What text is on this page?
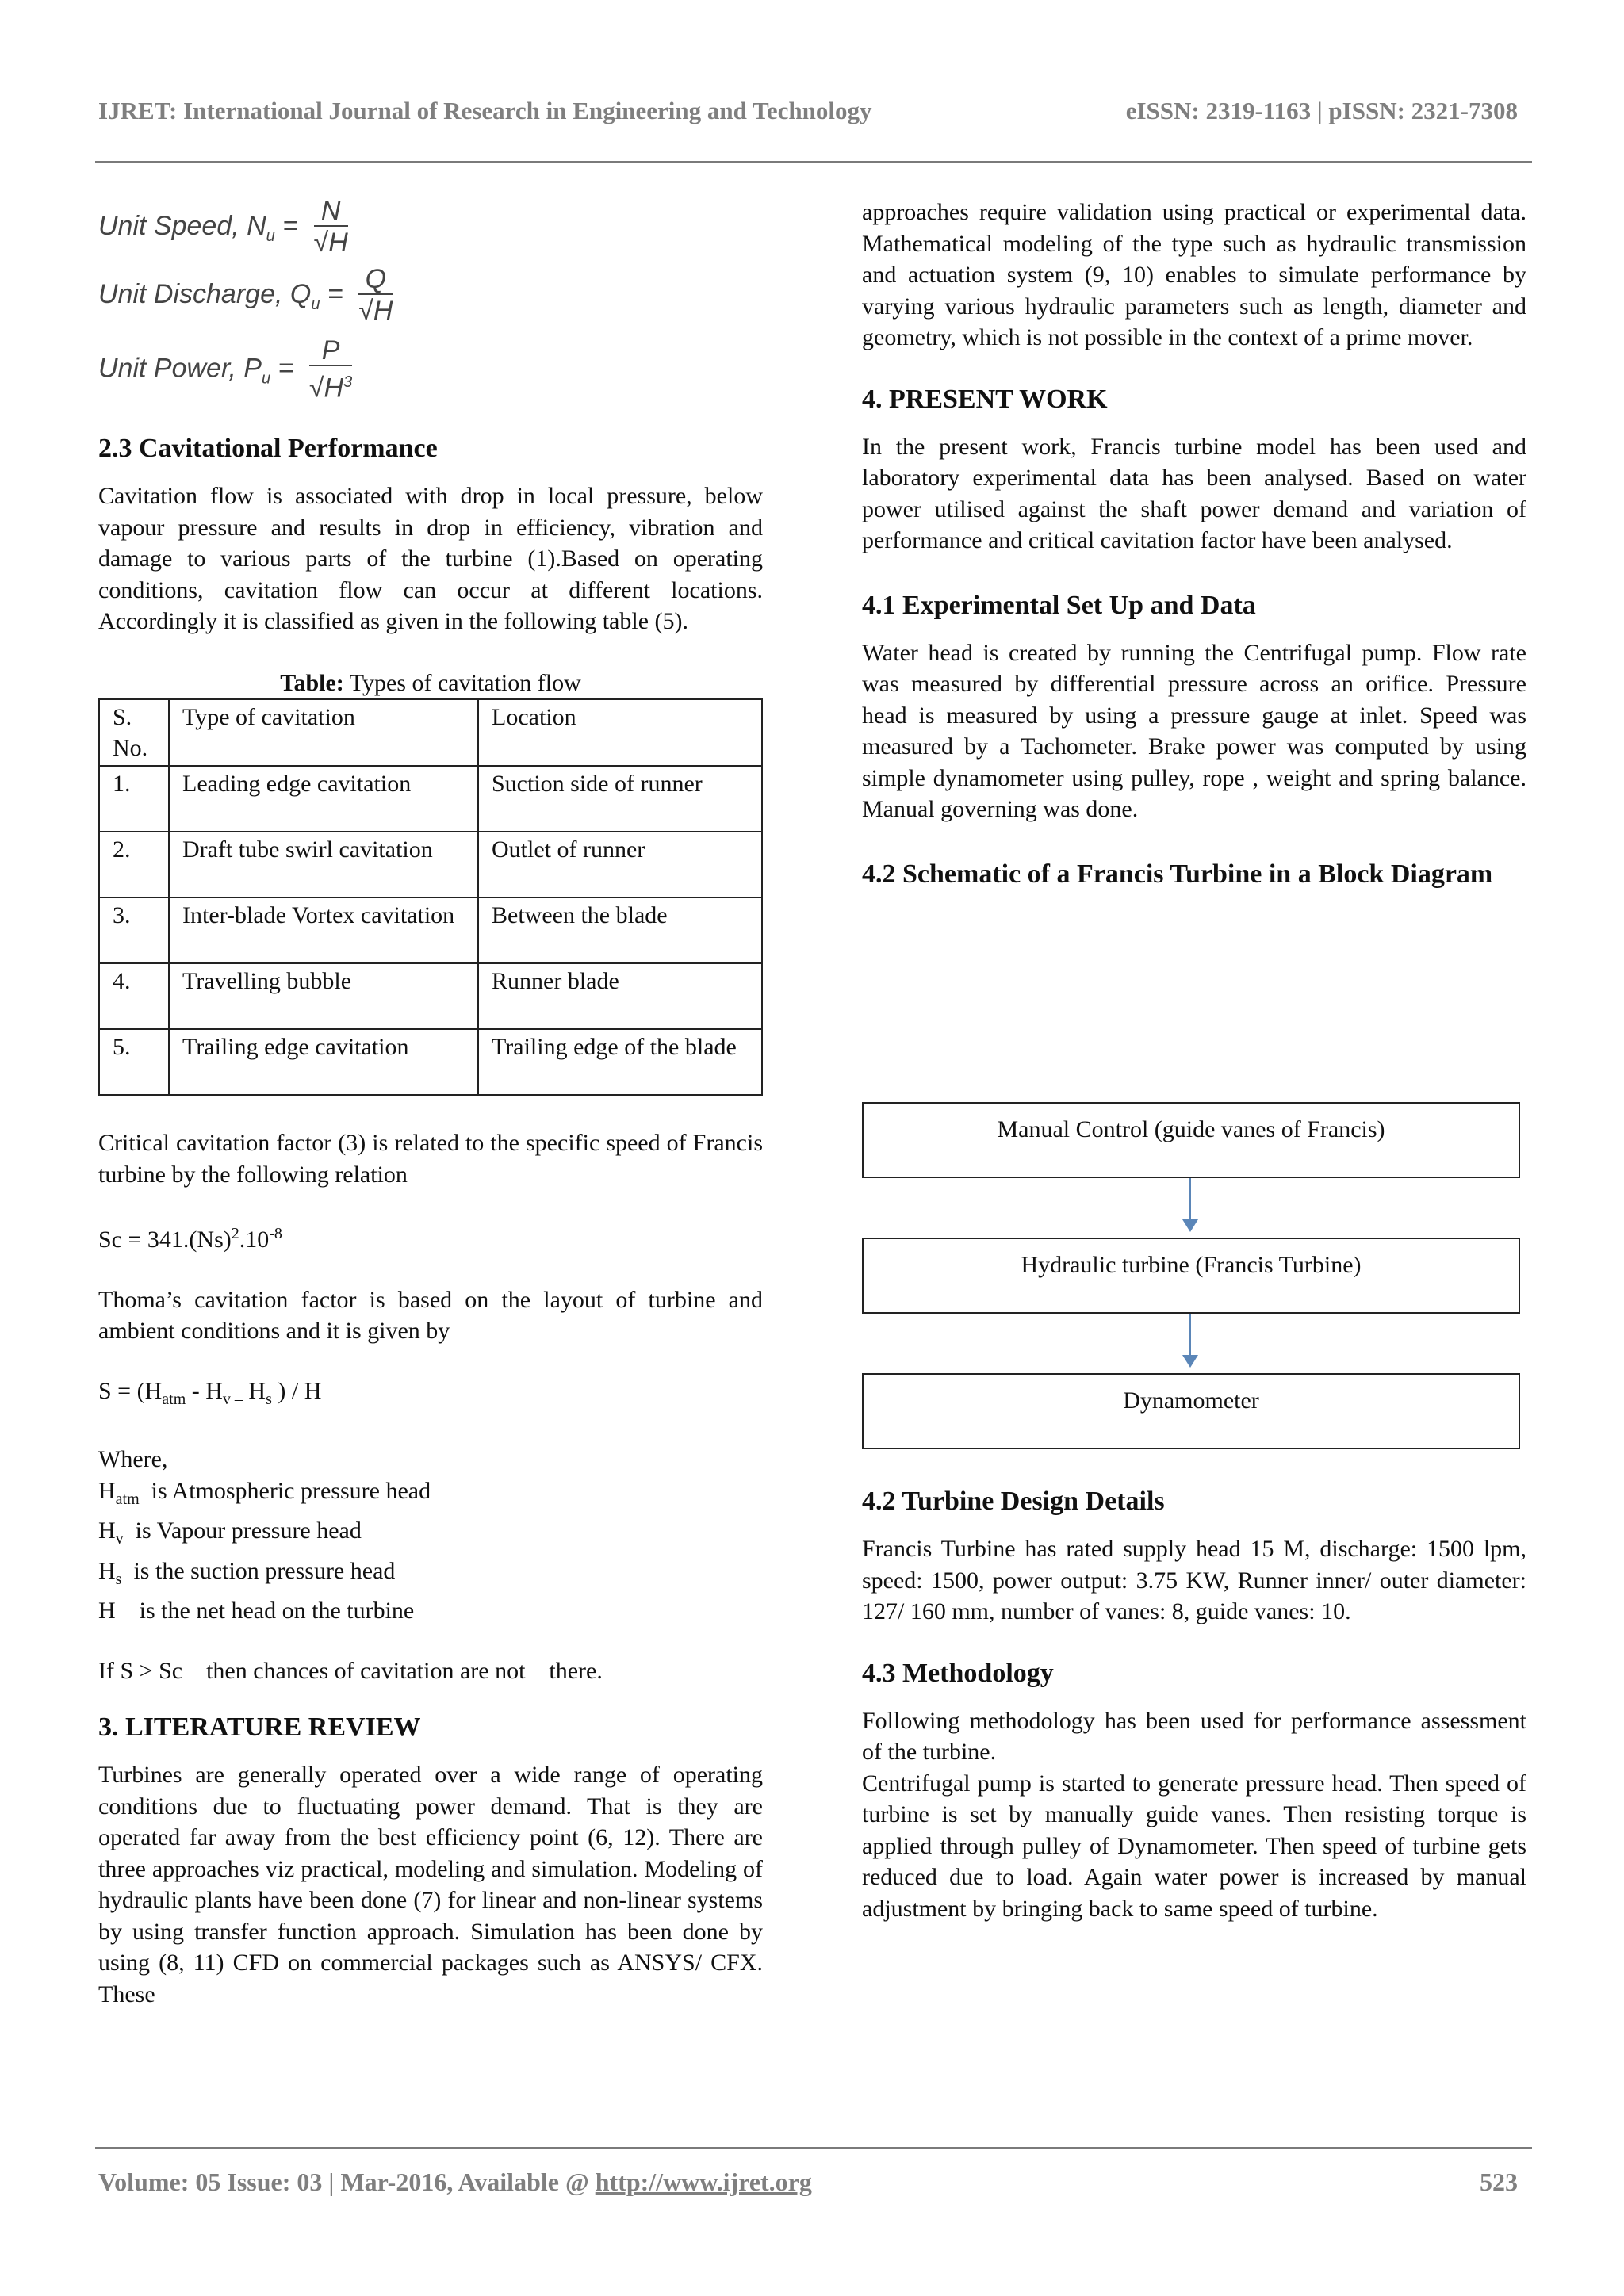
IJRET: International Journal of Research in Engineering and Technology	eISSN: 2319-1163 | pISSN: 2321-7308
Unit Speed, $N_u = \frac{N}{√H}$
Unit Discharge, $Q_u = \frac{Q}{√H}$
Unit Power, $P_u = \frac{P}{√H^3}$
2.3 Cavitational Performance

Cavitation flow is associated with drop in local pressure, below vapour pressure and results in drop in efficiency, vibration and damage to various parts of the turbine (1).Based on operating conditions, cavitation flow can occur at different locations. Accordingly it is classified as given in the following table (5).

Table: Types of cavitation flow
S. No.	Type of cavitation	Location
1.	Leading edge cavitation	Suction side of runner
2.	Draft tube swirl cavitation	Outlet of runner
3.	Inter-blade Vortex cavitation	Between the blade
4.	Travelling bubble	Runner blade
5.	Trailing edge cavitation	Trailing edge of the blade

Critical cavitation factor (3) is related to the specific speed of Francis turbine by the following relation

$Sc = 341.(Ns)^2.10^{-8}$

Thoma’s cavitation factor is based on the layout of turbine and ambient conditions and it is given by

$S = (H_{atm} - H_{v -}$ $H_s$ ) / H

Where,

$H_{atm}$  is Atmospheric pressure head

$H_v$  is Vapour pressure head

$H_s$  is the suction pressure head

H    is the net head on the turbine

If S > Sc    then chances of cavitation are not    there.

3. LITERATURE REVIEW

Turbines are generally operated over a wide range of operating conditions due to fluctuating power demand. That is they are operated far away from the best efficiency point (6, 12). There are three approaches viz practical, modeling and simulation. Modeling of hydraulic plants have been done (7) for linear and non-linear systems by using transfer function approach. Simulation has been done by using (8, 11) CFD on commercial packages such as ANSYS/ CFX. These

approaches require validation using practical or experimental data. Mathematical modeling of the type such as hydraulic transmission and actuation system (9, 10) enables to simulate performance by varying various hydraulic parameters such as length, diameter and geometry, which is not possible in the context of a prime mover.

4. PRESENT WORK

In the present work, Francis turbine model has been used and laboratory experimental data has been analysed. Based on water power utilised against the shaft power demand and variation of performance and critical cavitation factor have been analysed.

4.1 Experimental Set Up and Data

Water head is created by running the Centrifugal pump. Flow rate was measured by differential pressure across an orifice. Pressure head is measured by using a pressure gauge at inlet. Speed was measured by a Tachometer. Brake power was computed by using simple dynamometer using pulley, rope , weight and spring balance. Manual governing was done.

4.2 Schematic of a Francis Turbine in a Block Diagram
Manual Control (guide vanes of Francis)
Hydraulic turbine (Francis Turbine)
Dynamometer
4.2 Turbine Design Details

Francis Turbine has rated supply head 15 M, discharge: 1500 lpm, speed: 1500, power output: 3.75 KW, Runner inner/ outer diameter: 127/ 160 mm, number of vanes: 8, guide vanes: 10.

4.3 Methodology

Following methodology has been used for performance assessment of the turbine.

Centrifugal pump is started to generate pressure head. Then speed of turbine is set by manually guide vanes. Then resisting torque is applied through pulley of Dynamometer. Then speed of turbine gets reduced due to load. Again water power is increased by manual adjustment by bringing back to same speed of turbine.

Volume: 05 Issue: 03 | Mar-2016, Available @ http://www.ijret.org	523
